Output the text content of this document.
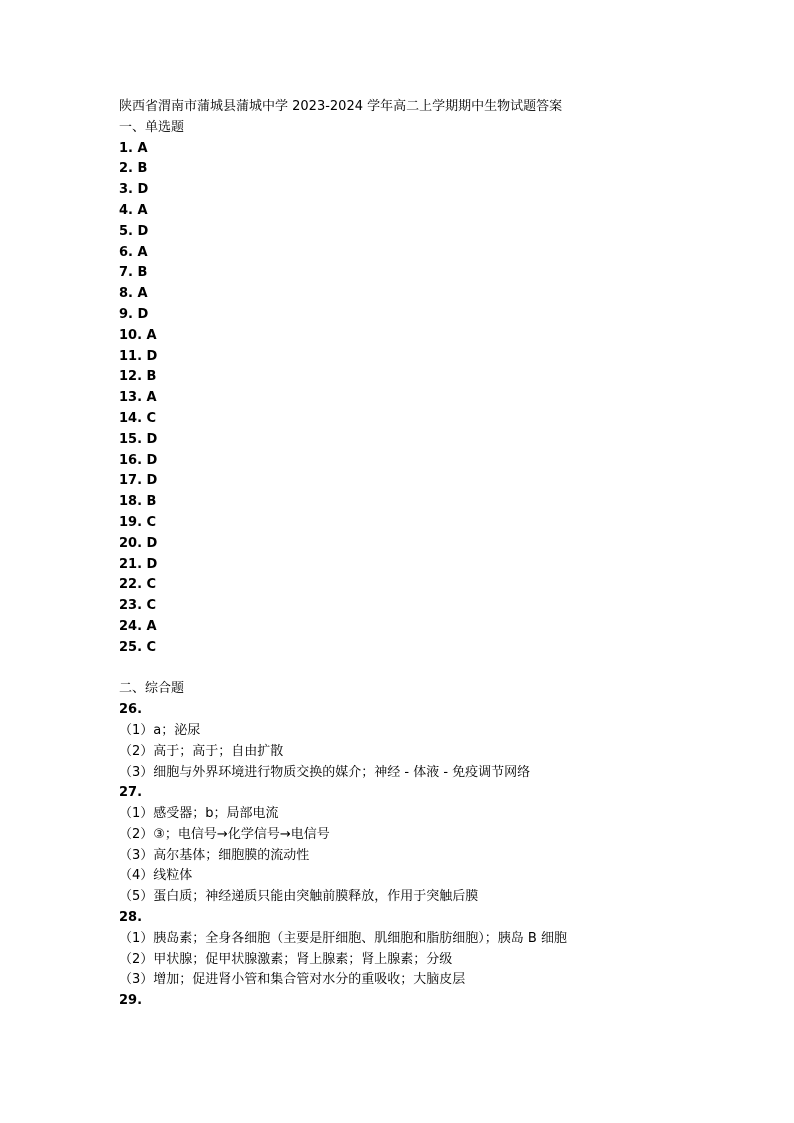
陕西省渭南市蒲城县蒲城中学 2023-2024 学年高二上学期期中生物试题答案
一、单选题
1. A
2. B
3. D
4. A
5. D
6. A
7. B
8. A
9. D
10. A
11. D
12. B
13. A
14. C
15. D
16. D
17. D
18. B
19. C
20. D
21. D
22. C
23. C
24. A
25. C
二、综合题
26.
（1）a；泌尿
（2）高于；高于；自由扩散
（3）细胞与外界环境进行物质交换的媒介；神经 - 体液 - 免疫调节网络
27.
（1）感受器；b；局部电流
（2）③；电信号→化学信号→电信号
（3）高尔基体；细胞膜的流动性
（4）线粒体
（5）蛋白质；神经递质只能由突触前膜释放，作用于突触后膜
28.
（1）胰岛素；全身各细胞（主要是肝细胞、肌细胞和脂肪细胞）；胰岛 B 细胞
（2）甲状腺；促甲状腺激素；肾上腺素；肾上腺素；分级
（3）增加；促进肾小管和集合管对水分的重吸收；大脑皮层
29.
